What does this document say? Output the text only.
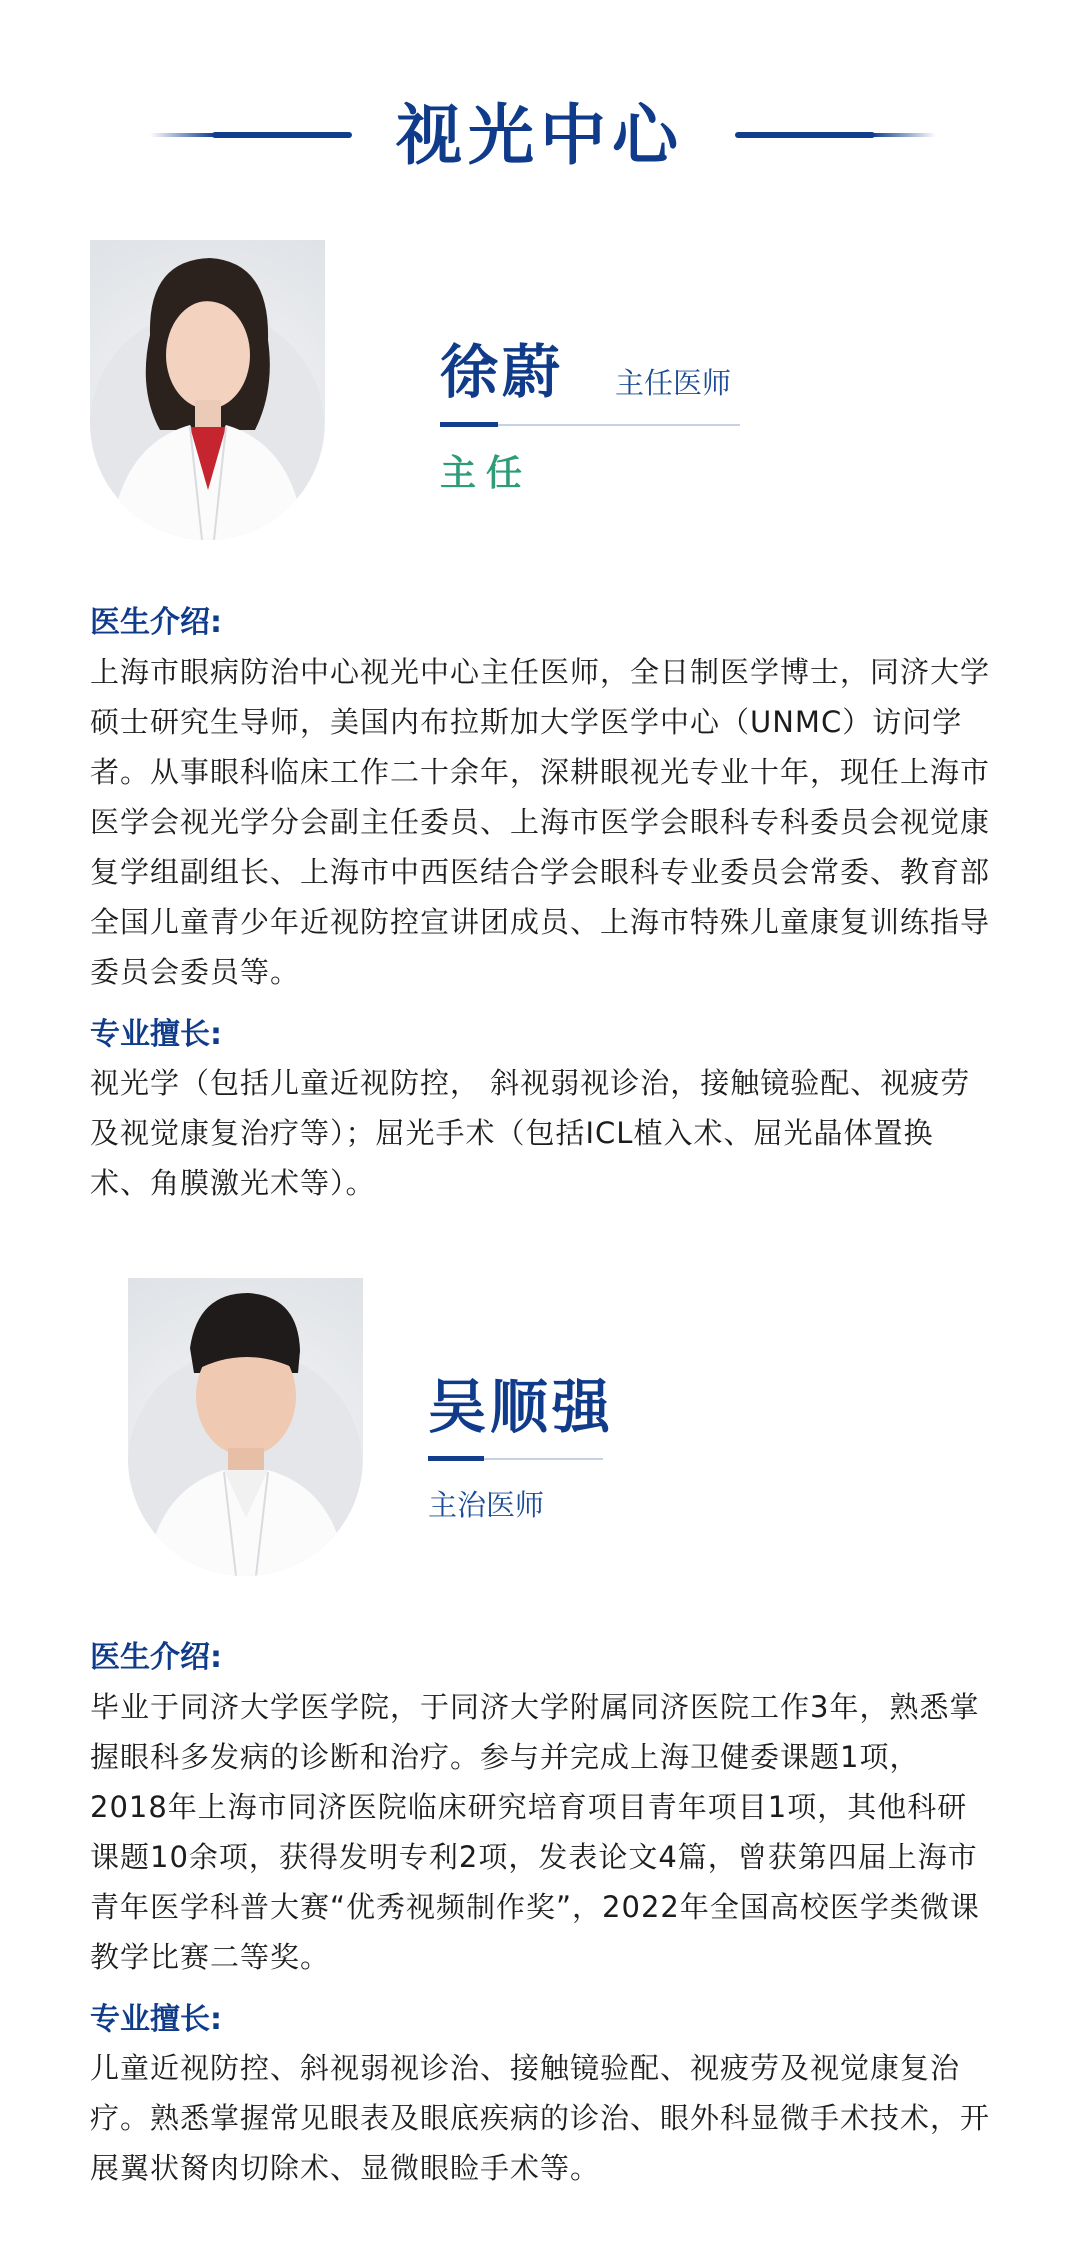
视光中心
徐蔚 主任医师
主任
医生介绍:
上海市眼病防治中心视光中心主任医师，全日制医学博士，同济大学硕士研究生导师，美国内布拉斯加大学医学中心（UNMC）访问学者。从事眼科临床工作二十余年，深耕眼视光专业十年，现任上海市医学会视光学分会副主任委员、上海市医学会眼科专科委员会视觉康复学组副组长、上海市中西医结合学会眼科专业委员会常委、教育部全国儿童青少年近视防控宣讲团成员、上海市特殊儿童康复训练指导委员会委员等。
专业擅长:
视光学（包括儿童近视防控， 斜视弱视诊治，接触镜验配、视疲劳及视觉康复治疗等）；屈光手术（包括ICL植入术、屈光晶体置换术、角膜激光术等）。
吴顺强
主治医师
医生介绍:
毕业于同济大学医学院，于同济大学附属同济医院工作3年，熟悉掌握眼科多发病的诊断和治疗。参与并完成上海卫健委课题1项，2018年上海市同济医院临床研究培育项目青年项目1项，其他科研课题10余项，获得发明专利2项，发表论文4篇，曾获第四届上海市青年医学科普大赛“优秀视频制作奖”，2022年全国高校医学类微课教学比赛二等奖。
专业擅长:
儿童近视防控、斜视弱视诊治、接触镜验配、视疲劳及视觉康复治疗。熟悉掌握常见眼表及眼底疾病的诊治、眼外科显微手术技术，开展翼状胬肉切除术、显微眼睑手术等。
